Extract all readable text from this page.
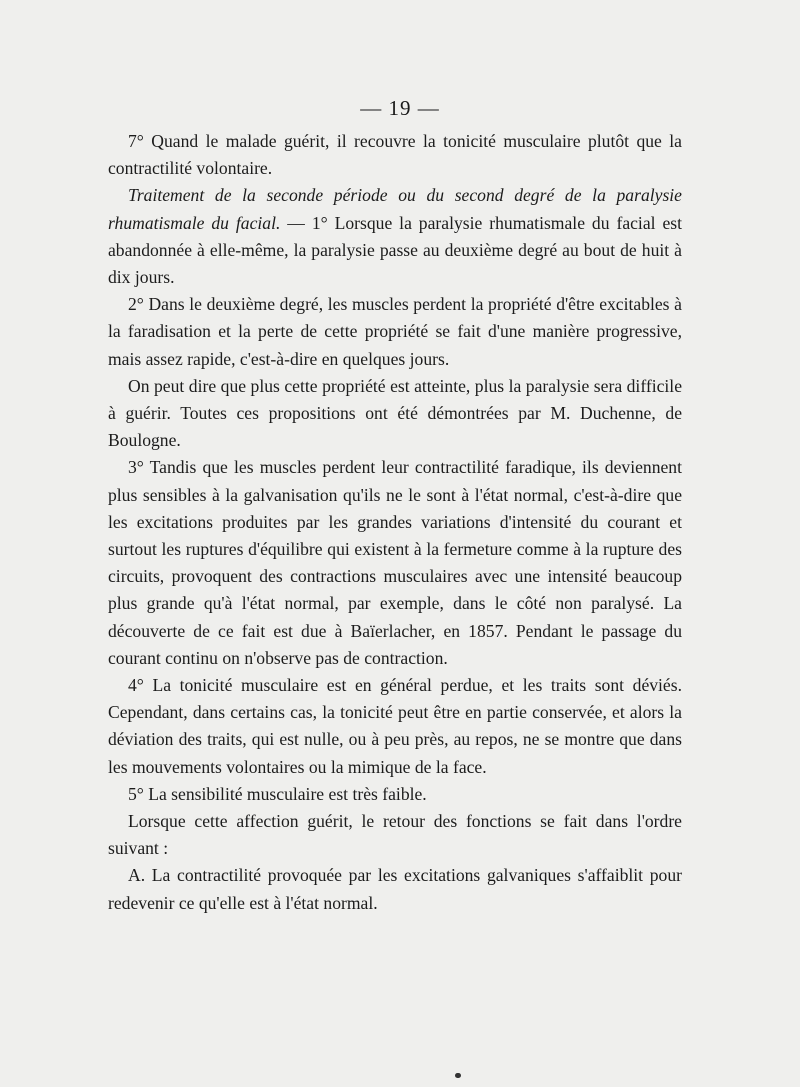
— 19 —

7° Quand le malade guérit, il recouvre la tonicité musculaire plutôt que la contractilité volontaire.

Traitement de la seconde période ou du second degré de la paralysie rhumatismale du facial. — 1° Lorsque la paralysie rhumatismale du facial est abandonnée à elle-même, la paralysie passe au deuxième degré au bout de huit à dix jours.

2° Dans le deuxième degré, les muscles perdent la propriété d'être excitables à la faradisation et la perte de cette propriété se fait d'une manière progressive, mais assez rapide, c'est-à-dire en quelques jours.

On peut dire que plus cette propriété est atteinte, plus la paralysie sera difficile à guérir. Toutes ces propositions ont été démontrées par M. Duchenne, de Boulogne.

3° Tandis que les muscles perdent leur contractilité faradique, ils deviennent plus sensibles à la galvanisation qu'ils ne le sont à l'état normal, c'est-à-dire que les excitations produites par les grandes variations d'intensité du courant et surtout les ruptures d'équilibre qui existent à la fermeture comme à la rupture des circuits, provoquent des contractions musculaires avec une intensité beaucoup plus grande qu'à l'état normal, par exemple, dans le côté non paralysé. La découverte de ce fait est due à Baïerlacher, en 1857. Pendant le passage du courant continu on n'observe pas de contraction.

4° La tonicité musculaire est en général perdue, et les traits sont déviés. Cependant, dans certains cas, la tonicité peut être en partie conservée, et alors la déviation des traits, qui est nulle, ou à peu près, au repos, ne se montre que dans les mouvements volontaires ou la mimique de la face.

5° La sensibilité musculaire est très faible.

Lorsque cette affection guérit, le retour des fonctions se fait dans l'ordre suivant :

A. La contractilité provoquée par les excitations galvaniques s'affaiblit pour redevenir ce qu'elle est à l'état normal.
